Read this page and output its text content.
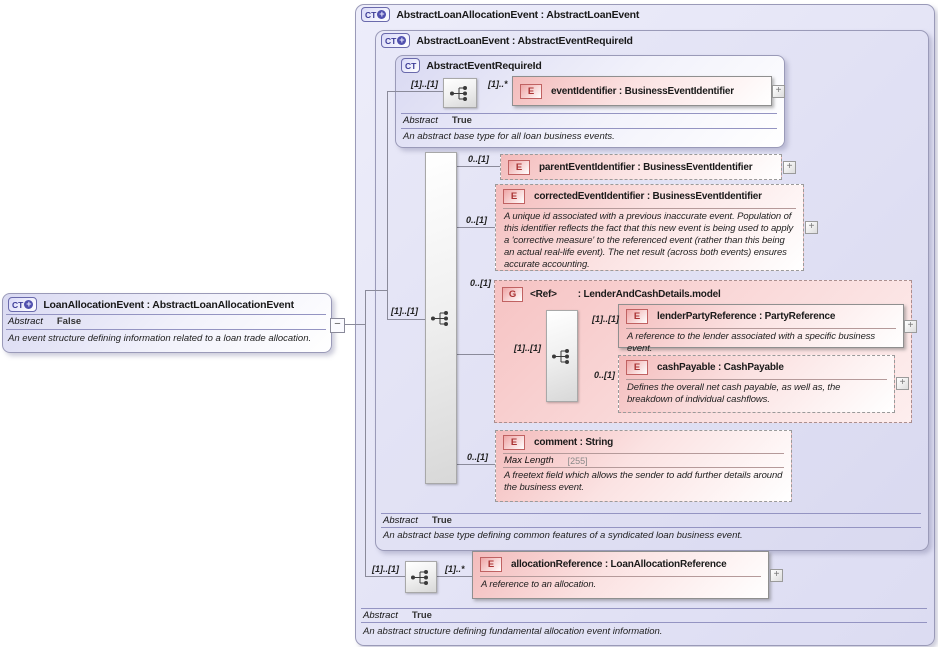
CT + AbstractLoanAllocationEvent : AbstractLoanEvent
Abstract True
An abstract structure defining fundamental allocation event information.
CT + AbstractLoanEvent : AbstractEventRequireId
Abstract True
An abstract base type defining common features of a syndicated loan business event.
CT AbstractEventRequireId
Abstract True
An abstract base type for all loan business events.
CT + LoanAllocationEvent : AbstractLoanAllocationEvent
Abstract False
An event structure defining information related to a loan trade allocation.
−
[1]..[1]	[1]..*
[1]..[1]
0..[1]
0..[1]
0..[1]
[1]..[1]
[1]..[1]
0..[1]
0..[1]
[1]..[1]	[1]..*
G	<Ref> : LenderAndCashDetails.model
E	eventIdentifier : BusinessEventIdentifier	+
E	parentEventIdentifier : BusinessEventIdentifier	+
E	correctedEventIdentifier : BusinessEventIdentifier
A unique id associated with a previous inaccurate event. Population of this identifier reflects the fact that this new event is being used to apply a 'corrective measure' to the referenced event (rather than this being an actual real-life event). The net result (across both events) ensures accurate accounting.
+
E	lenderPartyReference : PartyReference
A reference to the lender associated with a specific business event.
+
E	cashPayable : CashPayable
Defines the overall net cash payable, as well as, the breakdown of individual cashflows.
+
E	comment : String
Max Length [255]
A freetext field which allows the sender to add further details around the business event.
E	allocationReference : LoanAllocationReference
A reference to an allocation.
+
